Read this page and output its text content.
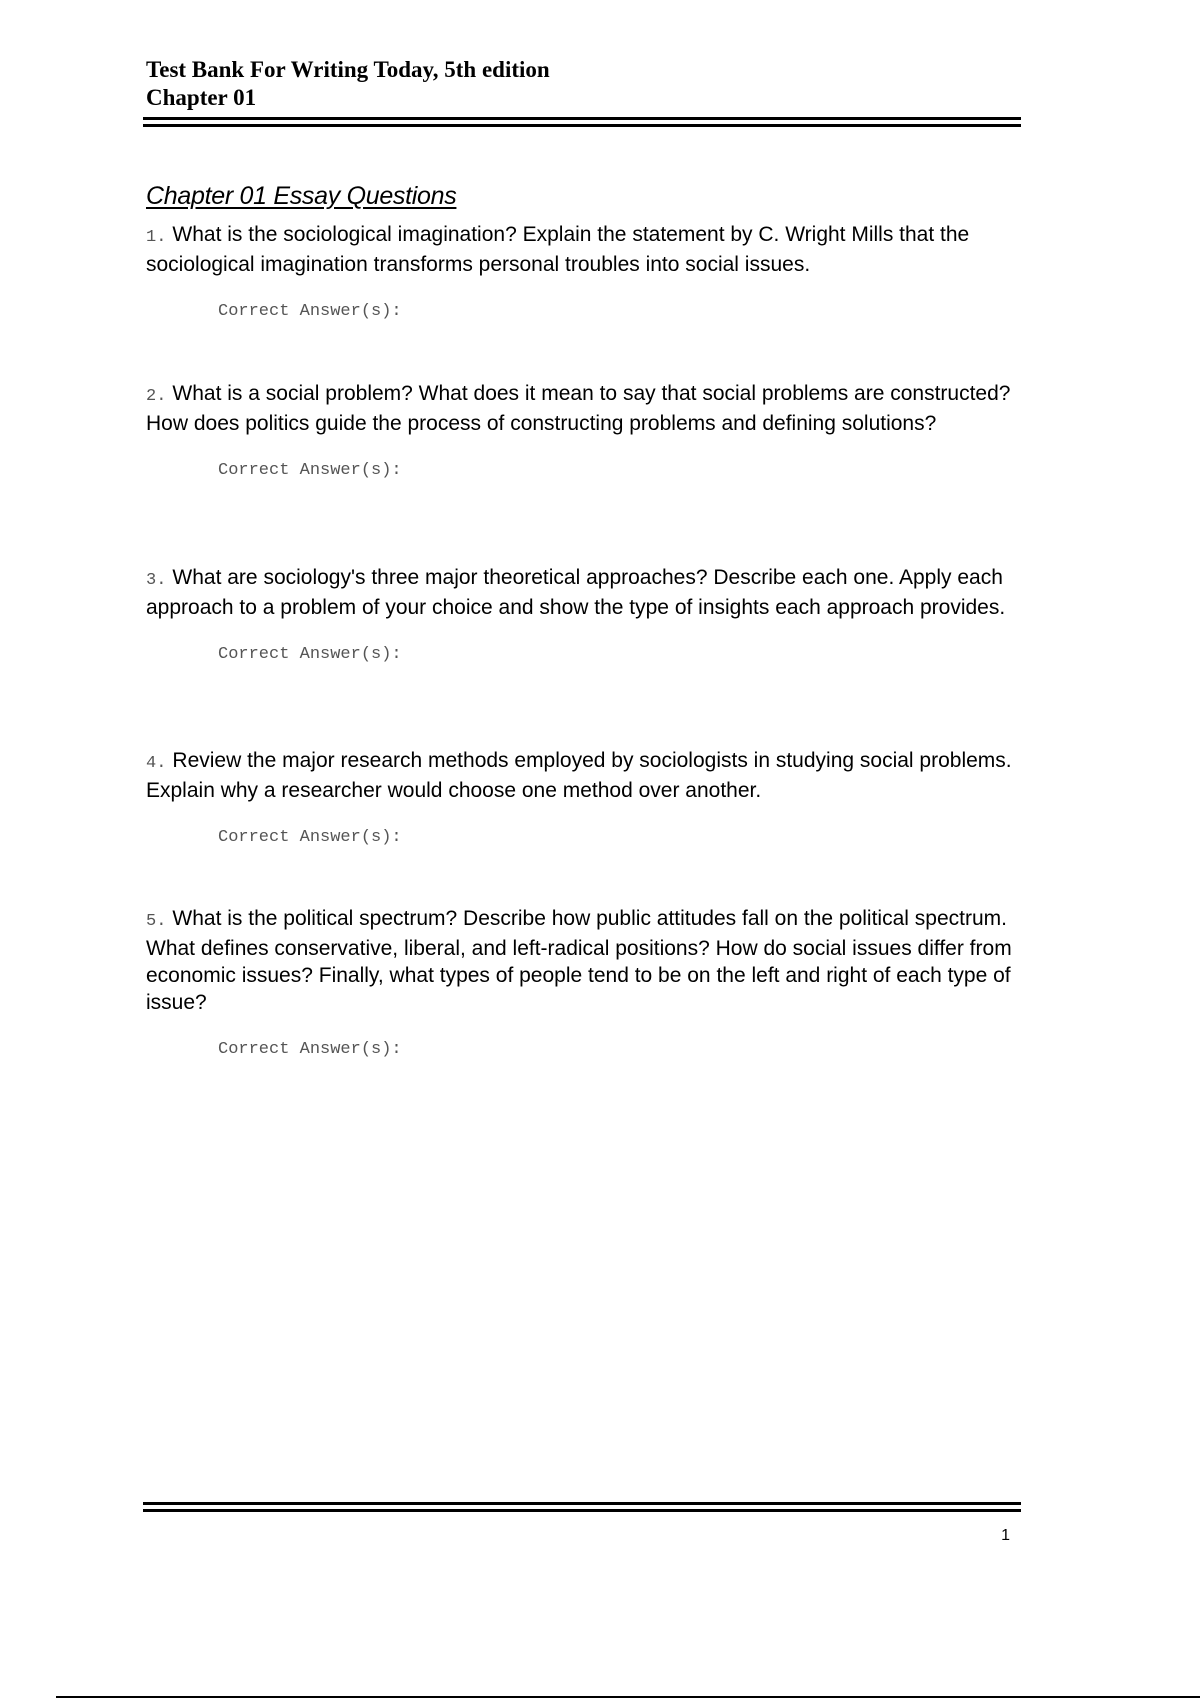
Test Bank For Writing Today, 5th edition

Chapter 01

Chapter 01 Essay Questions

1. What is the sociological imagination? Explain the statement by C. Wright Mills that the sociological imagination transforms personal troubles into social issues.

Correct Answer(s):

2. What is a social problem? What does it mean to say that social problems are constructed? How does politics guide the process of constructing problems and defining solutions?

Correct Answer(s):

3. What are sociology's three major theoretical approaches? Describe each one. Apply each approach to a problem of your choice and show the type of insights each approach provides.

Correct Answer(s):

4. Review the major research methods employed by sociologists in studying social problems. Explain why a researcher would choose one method over another.

Correct Answer(s):

5. What is the political spectrum? Describe how public attitudes fall on the political spectrum. What defines conservative, liberal, and left-radical positions? How do social issues differ from economic issues? Finally, what types of people tend to be on the left and right of each type of issue?

Correct Answer(s):

1
